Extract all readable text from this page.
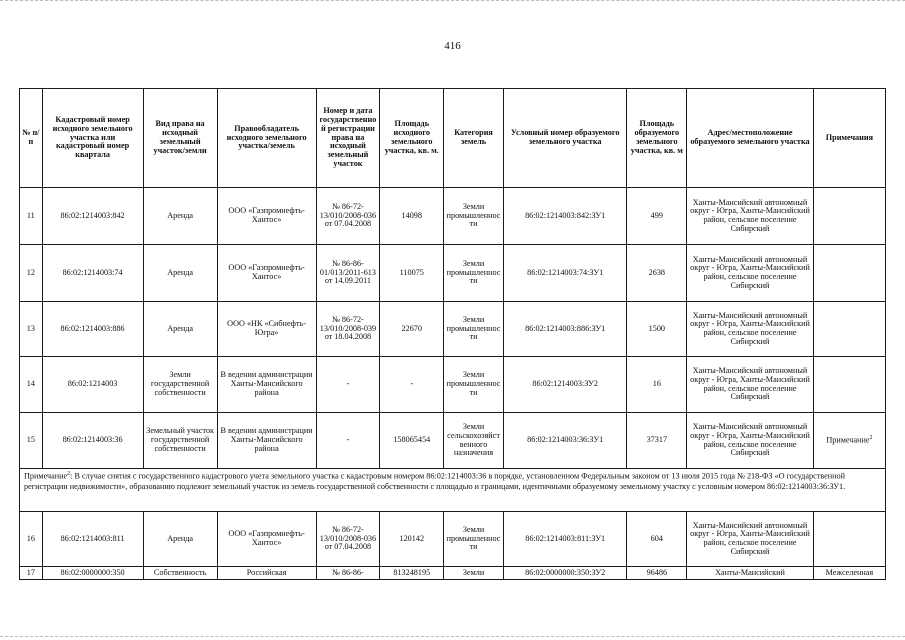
416
№ п/п	Кадастровый номер исходного земельного участка или кадастровый номер квартала	Вид права на исходный земельный участок/земли	Правообладатель исходного земельного участка/земель	Номер и дата государственной регистрации права на исходный земельный участок	Площадь исходного земельного участка, кв. м.	Категория земель	Условный номер образуемого земельного участка	Площадь образуемого земельного участка, кв. м	Адрес/местоположение образуемого земельного участка	Примечания
11	86:02:1214003:842	Аренда	ООО «Газпромнефть-Хантос»	№ 86-72-13/010/2008-036 от 07.04.2008	14098	Земли промышленности	86:02:1214003:842:ЗУ1	499	Ханты-Мансийский автономный округ - Югра, Ханты-Мансийский район, сельское поселение Сибирский	
12	86:02:1214003:74	Аренда	ООО «Газпромнефть-Хантос»	№ 86-86-01/013/2011-613 от 14.09.2011	110075	Земли промышленности	86:02:1214003:74:ЗУ1	2638	Ханты-Мансийский автономный округ - Югра, Ханты-Мансийский район, сельское поселение Сибирский	
13	86:02:1214003:886	Аренда	ООО «НК «Сибнефть-Югра»	№ 86-72-13/010/2008-039 от 18.04.2008	22670	Земли промышленности	86:02:1214003:886:ЗУ1	1500	Ханты-Мансийский автономный округ - Югра, Ханты-Мансийский район, сельское поселение Сибирский	
14	86:02:1214003	Земли государственной собственности	В ведении администрации Ханты-Мансийского района	-	-	Земли промышленности	86:02:1214003:ЗУ2	16	Ханты-Мансийский автономный округ - Югра, Ханты-Мансийский район, сельское поселение Сибирский	
15	86:02:1214003:36	Земельный участок государственной собственности	В ведении администрации Ханты-Мансийского района	-	158065454	Земли сельскохозяйственного назначения	86:02:1214003:36:ЗУ1	37317	Ханты-Мансийский автономный округ - Югра, Ханты-Мансийский район, сельское поселение Сибирский	Примечание$^2$
Примечание$^2$: В случае снятия с государственного кадастрового учета земельного участка с кадастровым номером 86:02:1214003:36 в порядке, установленном Федеральным законом от 13 июля 2015 года № 218-ФЗ «О государственной регистрации недвижимости», образованию подлежит земельный участок из земель государственной собственности с площадью и границами, идентичными образуемому земельному участку с условным номером 86:02:1214003:36:ЗУ1.										
16	86:02:1214003:811	Аренда	ООО «Газпромнефть-Хантос»	№ 86-72-13/010/2008-036 от 07.04.2008	120142	Земли промышленности	86:02:1214003:811:ЗУ1	604	Ханты-Мансийский автономный округ - Югра, Ханты-Мансийский район, сельское поселение Сибирский	
17	86:02:0000000:350	Собственность	Российская	№ 86-86-	813248195	Земли	86:02:0000000:350:ЗУ2	96486	Ханты-Мансийский	Межселенная
